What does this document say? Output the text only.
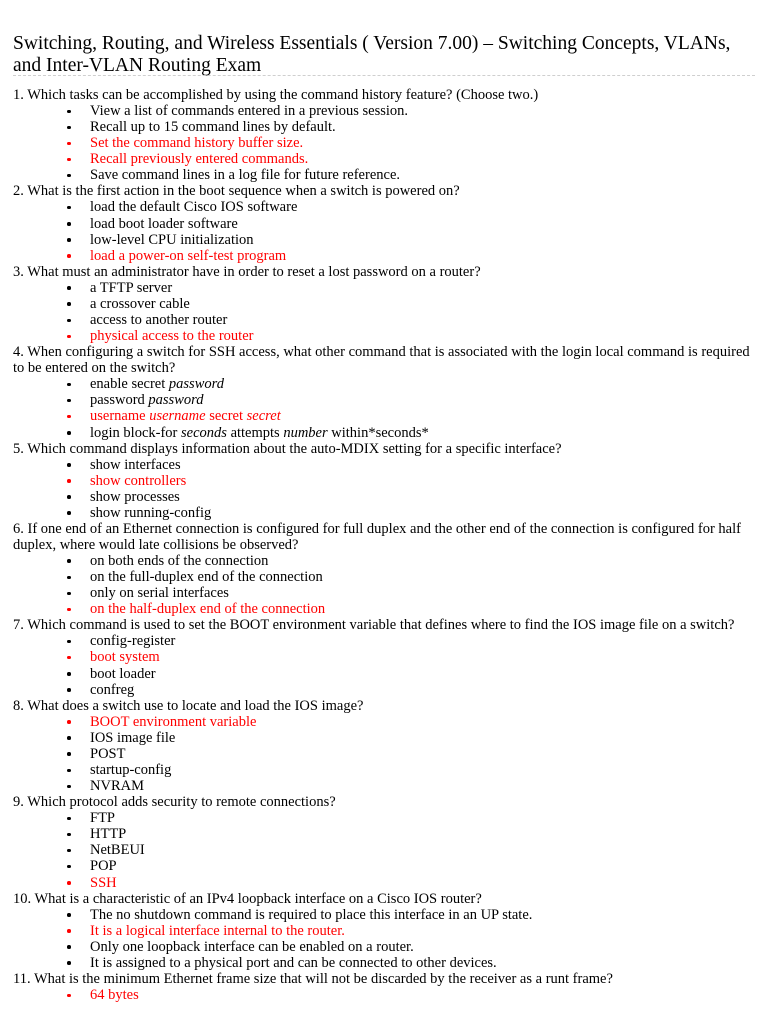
Switching, Routing, and Wireless Essentials ( Version 7.00) – Switching Concepts, VLANs, and Inter-VLAN Routing Exam

1. Which tasks can be accomplished by using the command history feature? (Choose two.)

View a list of commands entered in a previous session.
Recall up to 15 command lines by default.
Set the command history buffer size.
Recall previously entered commands.
Save command lines in a log file for future reference.

2. What is the first action in the boot sequence when a switch is powered on?

load the default Cisco IOS software
load boot loader software
low-level CPU initialization
load a power-on self-test program

3. What must an administrator have in order to reset a lost password on a router?

a TFTP server
a crossover cable
access to another router
physical access to the router

4. When configuring a switch for SSH access, what other command that is associated with the login local command is required to be entered on the switch?

enable secret password
password password
username username secret secret
login block-for seconds attempts number within*seconds*

5. Which command displays information about the auto-MDIX setting for a specific interface?

show interfaces
show controllers
show processes
show running-config

6. If one end of an Ethernet connection is configured for full duplex and the other end of the connection is configured for half duplex, where would late collisions be observed?

on both ends of the connection
on the full-duplex end of the connection
only on serial interfaces
on the half-duplex end of the connection

7. Which command is used to set the BOOT environment variable that defines where to find the IOS image file on a switch?

config-register
boot system
boot loader
confreg

8. What does a switch use to locate and load the IOS image?

BOOT environment variable
IOS image file
POST
startup-config
NVRAM

9. Which protocol adds security to remote connections?

FTP
HTTP
NetBEUI
POP
SSH

10. What is a characteristic of an IPv4 loopback interface on a Cisco IOS router?

The no shutdown command is required to place this interface in an UP state.
It is a logical interface internal to the router.
Only one loopback interface can be enabled on a router.
It is assigned to a physical port and can be connected to other devices.

11. What is the minimum Ethernet frame size that will not be discarded by the receiver as a runt frame?

64 bytes
